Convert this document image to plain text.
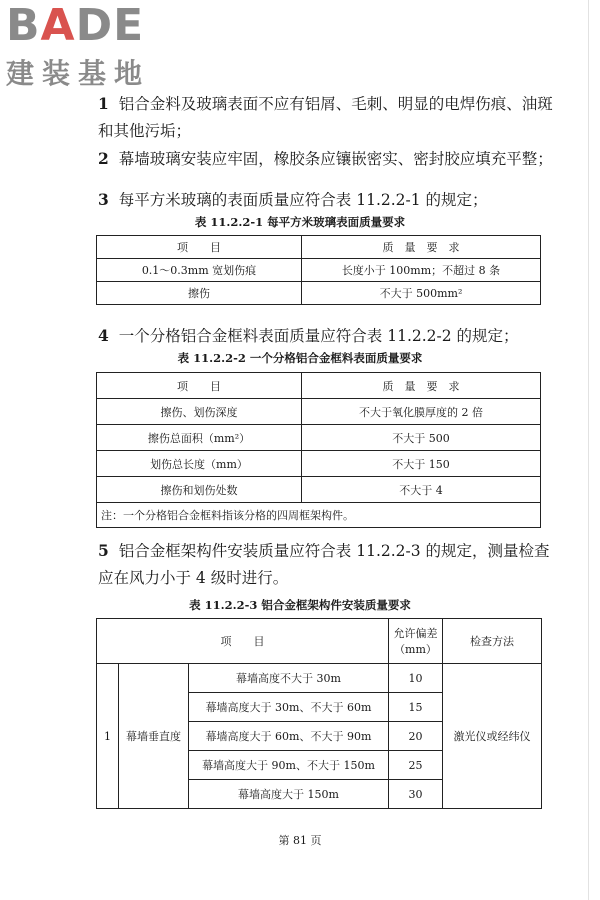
BADE
建装基地
1 铝合金料及玻璃表面不应有铝屑、毛刺、明显的电焊伤痕、油斑和其他污垢；
2 幕墙玻璃安装应牢固，橡胶条应镶嵌密实、密封胶应填充平整；
3 每平方米玻璃的表面质量应符合表 11.2.2-1 的规定；
表 11.2.2-1 每平方米玻璃表面质量要求
项　　目	质　量　要　求
0.1～0.3mm 宽划伤痕	长度小于 100mm；不超过 8 条
擦伤	不大于 500mm²
4 一个分格铝合金框料表面质量应符合表 11.2.2-2 的规定；
表 11.2.2-2 一个分格铝合金框料表面质量要求
项　　目	质　量　要　求
擦伤、划伤深度	不大于氧化膜厚度的 2 倍
擦伤总面积（mm²）	不大于 500
划伤总长度（mm）	不大于 150
擦伤和划伤处数	不大于 4
注：一个分格铝合金框料指该分格的四周框架构件。	
5 铝合金框架构件安装质量应符合表 11.2.2-3 的规定，测量检查应在风力小于 4 级时进行。
表 11.2.2-3 铝合金框架构件安装质量要求
项　　目			允许偏差（mm）	检查方法
1	幕墙垂直度	幕墙高度不大于 30m	10	激光仪或经纬仪
		幕墙高度大于 30m、不大于 60m	15	
		幕墙高度大于 60m、不大于 90m	20	
		幕墙高度大于 90m、不大于 150m	25	
		幕墙高度大于 150m	30	
第 81 页
